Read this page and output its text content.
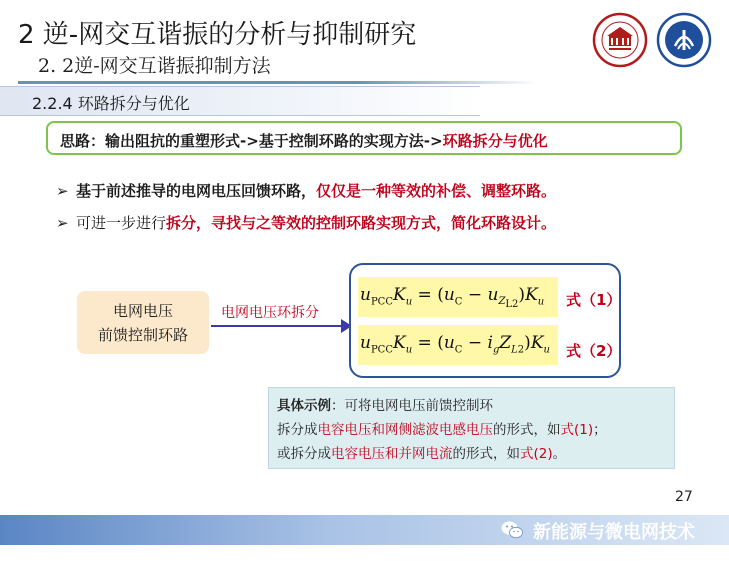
2 逆-网交互谐振的分析与抑制研究
2. 2逆-网交互谐振抑制方法
2.2.4 环路拆分与优化
思路：输出阻抗的重塑形式->基于控制环路的实现方法->环路拆分与优化
➢ 基于前述推导的电网电压回馈环路，仅仅是一种等效的补偿、调整环路。
➢ 可进一步进行拆分，寻找与之等效的控制环路实现方式，简化环路设计。
电网电压
前馈控制环路
电网电压环拆分
$u_{PCC}K_u = (u_C - u_{Z_{L2}})K_u$
$u_{PCC}K_u = (u_C - i_gZ_{L2})K_u$
式（1）
式（2）
具体示例：可将电网电压前馈控制环
拆分成电容电压和网侧滤波电感电压的形式，如式(1)；
或拆分成电容电压和并网电流的形式，如式(2)。
27
新能源与微电网技术
